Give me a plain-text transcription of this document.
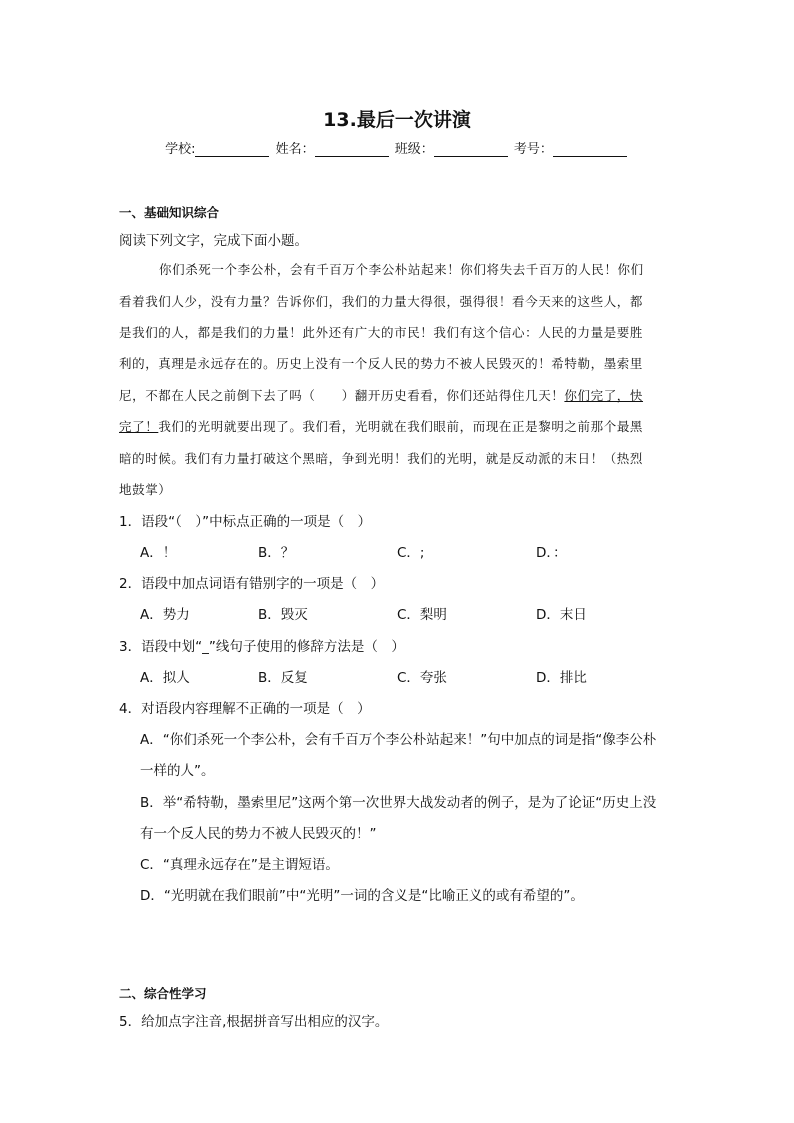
13.最后一次讲演
学校:	姓名：	班级：	考号：
一、基础知识综合
阅读下列文字，完成下面小题。
你们杀死一个李公朴，会有千百万个李公朴站起来！你们将失去千百万的人民！你们
看着我们人少，没有力量？告诉你们，我们的力量大得很，强得很！看今天来的这些人，都
是我们的人，都是我们的力量！此外还有广大的市民！我们有这个信心：人民的力量是要胜
利的，真理是永远存在的。历史上没有一个反人民的势力不被人民毁灭的！希特勒，墨索里
尼，不都在人民之前倒下去了吗（　　）翻开历史看看，你们还站得住几天！你们完了，快
完了！我们的光明就要出现了。我们看，光明就在我们眼前，而现在正是黎明之前那个最黑
暗的时候。我们有力量打破这个黑暗，争到光明！我们的光明，就是反动派的末日！（热烈
地鼓掌）
1．语段“（　）”中标点正确的一项是（　）
A．！	B．？	C．;	D．：
2．语段中加点词语有错别字的一项是（　）
A．势力	B．毁灭	C．梨明	D．末日
3．语段中划“_”线句子使用的修辞方法是（　）
A．拟人	B．反复	C．夸张	D．排比
4．对语段内容理解不正确的一项是（　）
A．“你们杀死一个李公朴，会有千百万个李公朴站起来！”句中加点的词是指“像李公朴
一样的人”。
B．举“希特勒，墨索里尼”这两个第一次世界大战发动者的例子，是为了论证“历史上没
有一个反人民的势力不被人民毁灭的！”
C．“真理永远存在”是主谓短语。
D．“光明就在我们眼前”中“光明”一词的含义是“比喻正义的或有希望的”。
二、综合性学习
5．给加点字注音,根据拼音写出相应的汉字。
